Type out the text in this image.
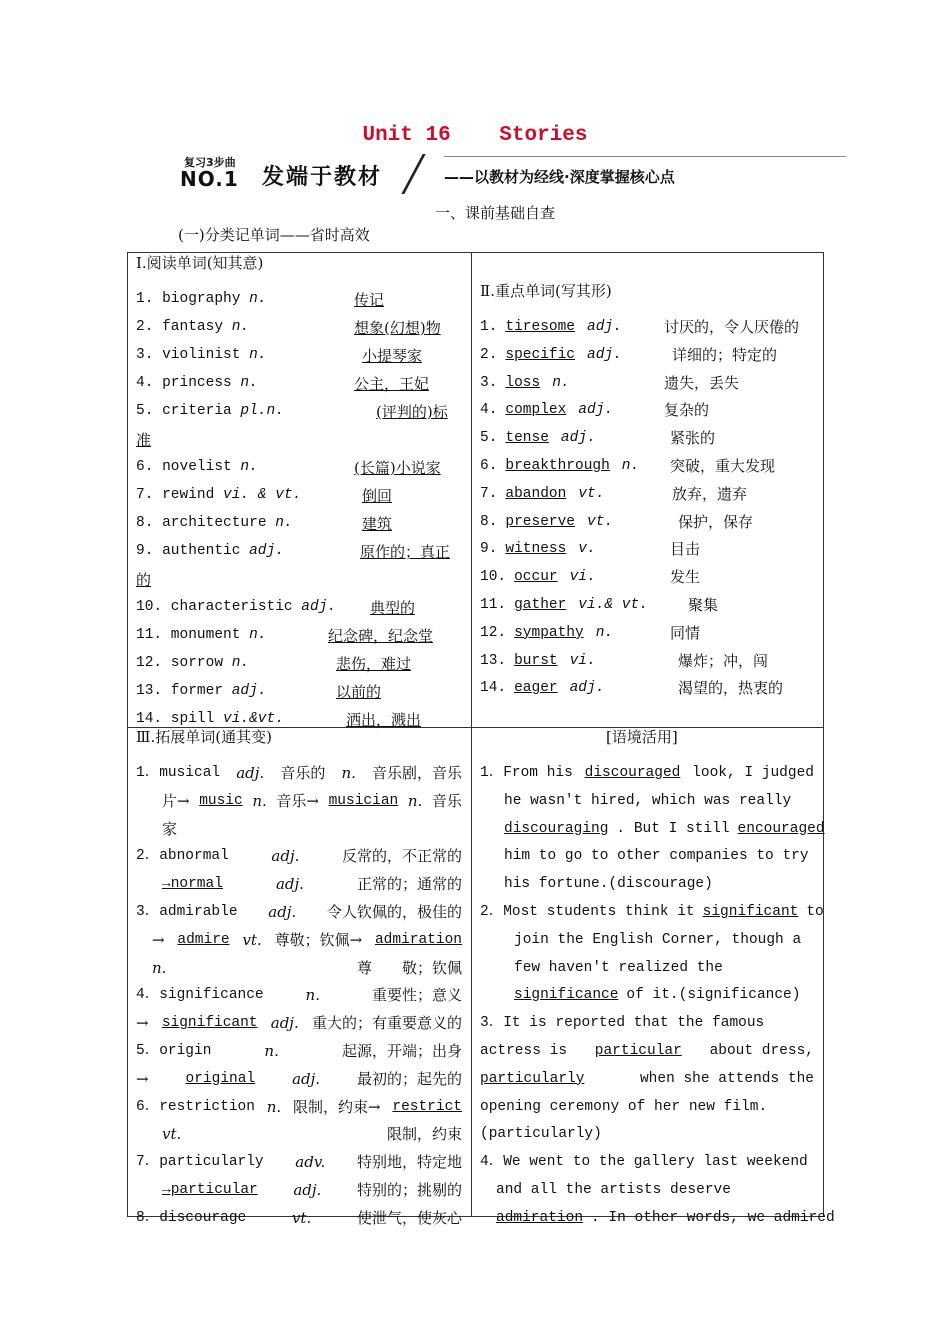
Unit 16 Stories
复习3步曲
NO.1 发端于教材	——以教材为经线·深度掌握核心点
一、课前基础自查
(一)分类记单词——省时高效
Ⅰ.阅读单词(知其意)
1. biography n.	传记
2. fantasy n.	想象(幻想)物
3. violinist n.	小提琴家
4. princess n.	公主，王妃
5. criteria pl.n.	(评判的)标
准
6. novelist n.	(长篇)小说家
7. rewind vi. & vt.	倒回
8. architecture n.	建筑
9. authentic adj.	原作的；真正
的
10. characteristic adj. 典型的
11. monument n.	纪念碑，纪念堂
12. sorrow n.	悲伤，难过
13. former adj.	以前的
14. spill vi.&vt.	洒出，溅出
Ⅱ.重点单词(写其形)
1. tiresome adj.	讨厌的，令人厌倦的
2. specific adj.	详细的；特定的
3. loss n.	遗失，丢失
4. complex adj.	复杂的
5. tense adj.	紧张的
6. breakthrough n. 突破，重大发现
7. abandon vt.	放弃，遗弃
8. preserve vt.	保护，保存
9. witness v.	目击
10. occur vi.	发生
11. gather vi.& vt.	聚集
12. sympathy n.	同情
13. burst vi.	爆炸；冲，闯
14. eager adj.	渴望的，热衷的
Ⅲ.拓展单词(通其变)
1．musical adj. 音乐的 n. 音乐剧，音乐
片→ music n. 音乐→ musician n. 音乐
家
2．abnormal	adj.	反常的，不正常的
→normal	adj.	正常的；通常的
3．admirable adj. 令人钦佩的，极佳的
→ admire vt. 尊敬；钦佩→ admiration
n.	尊　　敬；钦佩
4．significance	n．	重要性；意义
→ significant adj. 重大的；有重要意义的
5．origin	n．	起源，开端；出身
→	original adj. 最初的；起先的
6．restriction n. 限制，约束→ restrict
vt.	限制，约束
7．particularly adv. 特别地，特定地
→particular adj. 特别的；挑剔的
8．discourage	vt.	使泄气，使灰心
[语境活用]
1．From his discouraged look, I judged
he wasn't hired, which was really
discouraging . But I still encouraged
him to go to other companies to try
his fortune.(discourage)
2．Most students think it significant to
join the English Corner, though a
few haven't realized the
significance of it.(significance)
3．It is reported that the famous
actress is particular about dress,
particularly	when she attends the
opening ceremony of her new film.
(particularly)
4．We went to the gallery last weekend
and all the artists deserve
admiration . In other words, we admired
